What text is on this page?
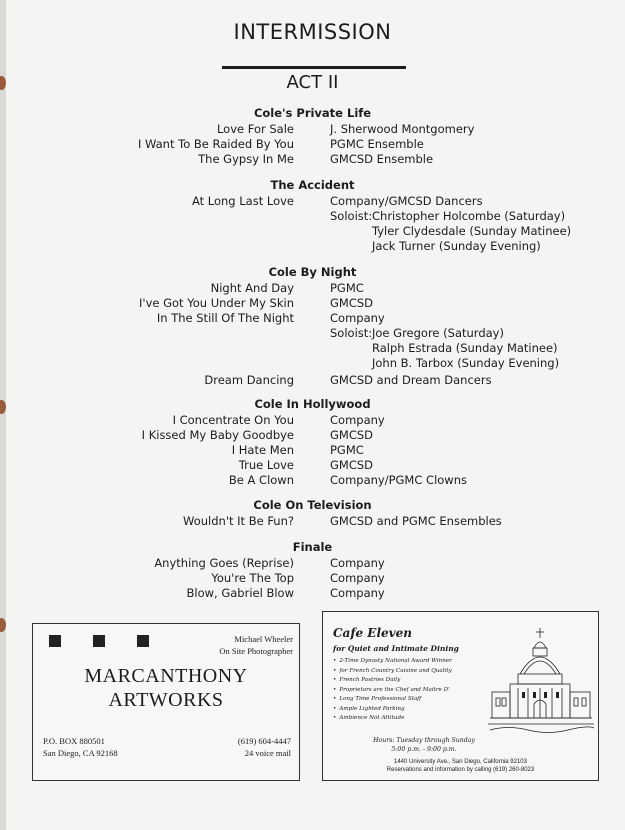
INTERMISSION
ACT II
Cole's Private Life
Love For Sale	J. Sherwood Montgomery
I Want To Be Raided By You	PGMC Ensemble
The Gypsy In Me	GMCSD Ensemble
The Accident
At Long Last Love	Company/GMCSD Dancers
Soloist: Christopher Holcombe (Saturday)
Tyler Clydesdale (Sunday Matinee)
Jack Turner (Sunday Evening)
Cole By Night
Night And Day	PGMC
I've Got You Under My Skin	GMCSD
In The Still Of The Night	Company
Soloist: Joe Gregore (Saturday)
Ralph Estrada (Sunday Matinee)
John B. Tarbox (Sunday Evening)
Dream Dancing	GMCSD and Dream Dancers
Cole In Hollywood
I Concentrate On You	Company
I Kissed My Baby Goodbye	GMCSD
I Hate Men	PGMC
True Love	GMCSD
Be A Clown	Company/PGMC Clowns
Cole On Television
Wouldn't It Be Fun?	GMCSD and PGMC Ensembles
Finale
Anything Goes (Reprise)	Company
You're The Top	Company
Blow, Gabriel Blow	Company
Michael Wheeler
On Site Photographer
MARCANTHONY
ARTWORKS
P.O. BOX 880501
San Diego, CA 92168
(619) 604-4447
24 voice mail
Cafe Eleven
for Quiet and Intimate Dining
• 2-Time Dynasty National Award Winner
• for French Country Cuisine and Quality
• French Pastries Daily
• Proprietors are the Chef and Maitre D'
• Long Time Professional Staff
• Ample Lighted Parking
• Ambience Not Attitude
Hours: Tuesday through Sunday
5:00 p.m. - 9:00 p.m.
1440 University Ave., San Diego, California 92103
Reservations and information by calling (619) 260-8023
